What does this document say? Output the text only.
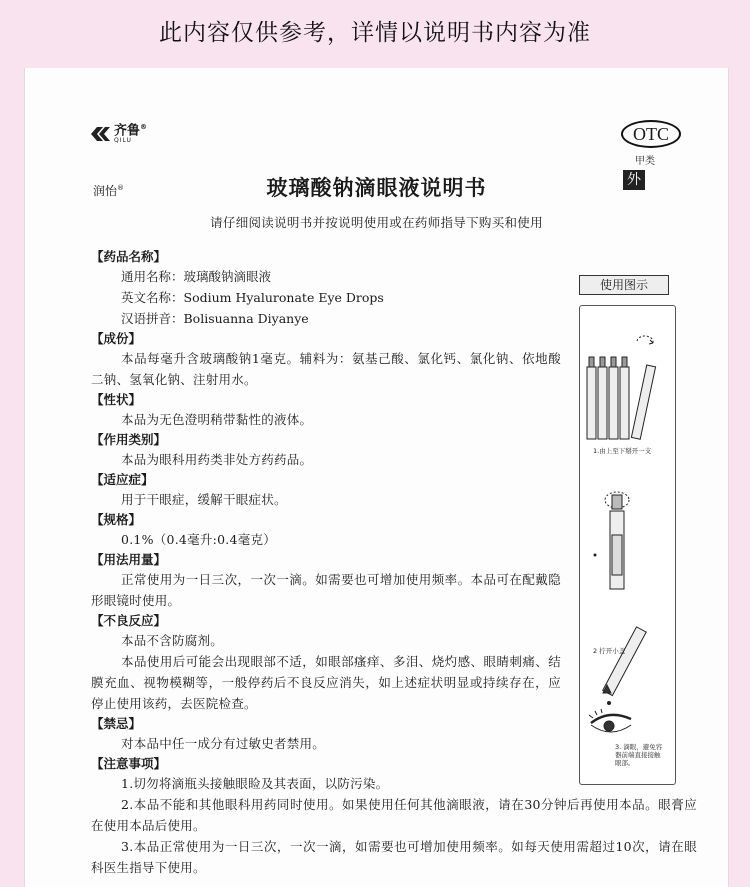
此内容仅供参考，详情以说明书内容为准
齐鲁®
QILU	OTC
甲类
外
润怡®	玻璃酸钠滴眼液说明书
请仔细阅读说明书并按说明使用或在药师指导下购买和使用
【药品名称】
通用名称：玻璃酸钠滴眼液
英文名称：Sodium Hyaluronate Eye Drops
汉语拼音：Bolisuanna Diyanye
【成份】
本品每毫升含玻璃酸钠1毫克。辅料为：氨基己酸、氯化钙、氯化钠、依地酸二钠、氢氧化钠、注射用水。
【性状】
本品为无色澄明稍带黏性的液体。
【作用类别】
本品为眼科用药类非处方药药品。
【适应症】
用于干眼症，缓解干眼症状。
【规格】
0.1%（0.4毫升:0.4毫克）
【用法用量】
正常使用为一日三次，一次一滴。如需要也可增加使用频率。本品可在配戴隐形眼镜时使用。
【不良反应】
本品不含防腐剂。
本品使用后可能会出现眼部不适，如眼部瘙痒、多泪、烧灼感、眼睛刺痛、结膜充血、视物模糊等，一般停药后不良反应消失，如上述症状明显或持续存在，应停止使用该药，去医院检查。
【禁忌】
对本品中任一成分有过敏史者禁用。
【注意事项】
1.切勿将滴瓶头接触眼睑及其表面，以防污染。
2.本品不能和其他眼科用药同时使用。如果使用任何其他滴眼液，请在30分钟后再使用本品。眼膏应在使用本品后使用。
3.本品正常使用为一日三次，一次一滴，如需要也可增加使用频率。如每天使用需超过10次，请在眼科医生指导下使用。
使用图示
1.由上至下掰开一支
2 拧开小盖
3. 滴眼，避免容器前端直接接触眼部。
